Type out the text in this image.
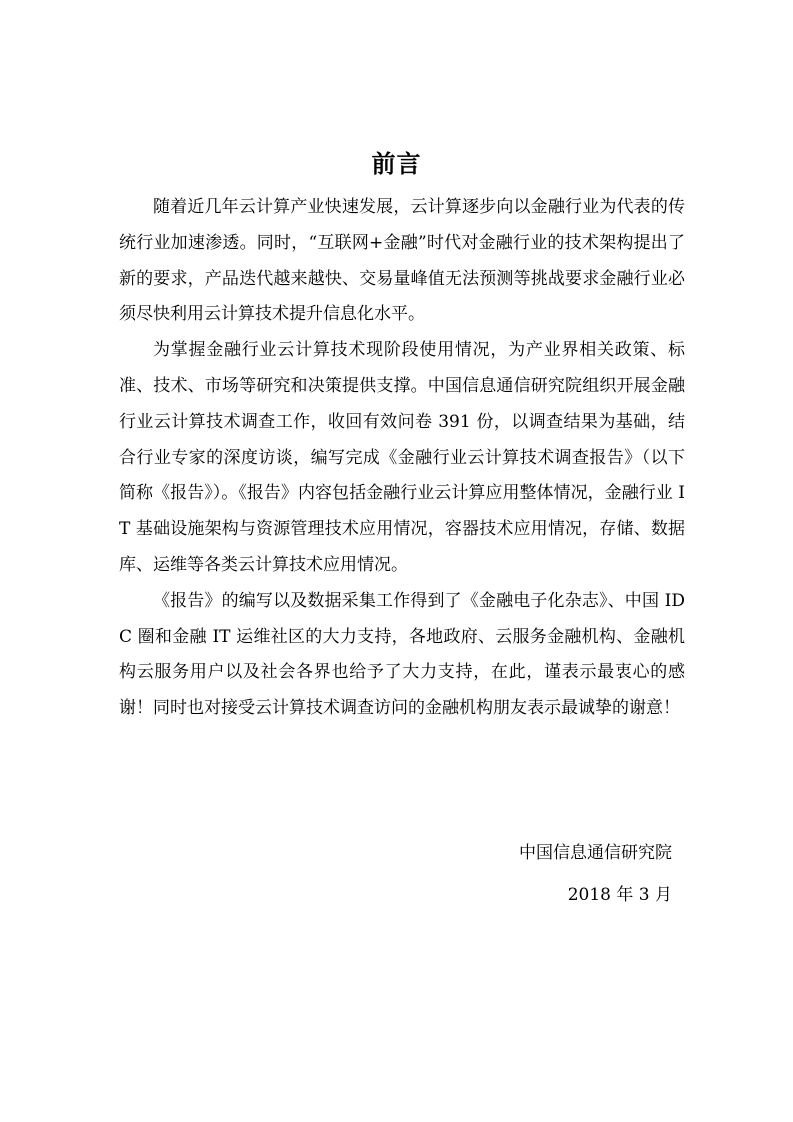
前言

随着近几年云计算产业快速发展，云计算逐步向以金融行业为代表的传统行业加速渗透。同时，“互联网+金融”时代对金融行业的技术架构提出了新的要求，产品迭代越来越快、交易量峰值无法预测等挑战要求金融行业必须尽快利用云计算技术提升信息化水平。

为掌握金融行业云计算技术现阶段使用情况，为产业界相关政策、标准、技术、市场等研究和决策提供支撑。中国信息通信研究院组织开展金融行业云计算技术调查工作，收回有效问卷 391 份，以调查结果为基础，结合行业专家的深度访谈，编写完成《金融行业云计算技术调查报告》（以下简称《报告》）。《报告》内容包括金融行业云计算应用整体情况，金融行业 IT 基础设施架构与资源管理技术应用情况，容器技术应用情况，存储、数据库、运维等各类云计算技术应用情况。

《报告》的编写以及数据采集工作得到了《金融电子化杂志》、中国 IDC 圈和金融 IT 运维社区的大力支持，各地政府、云服务金融机构、金融机构云服务用户以及社会各界也给予了大力支持，在此，谨表示最衷心的感谢！同时也对接受云计算技术调查访问的金融机构朋友表示最诚挚的谢意！

中国信息通信研究院
2018 年 3 月
